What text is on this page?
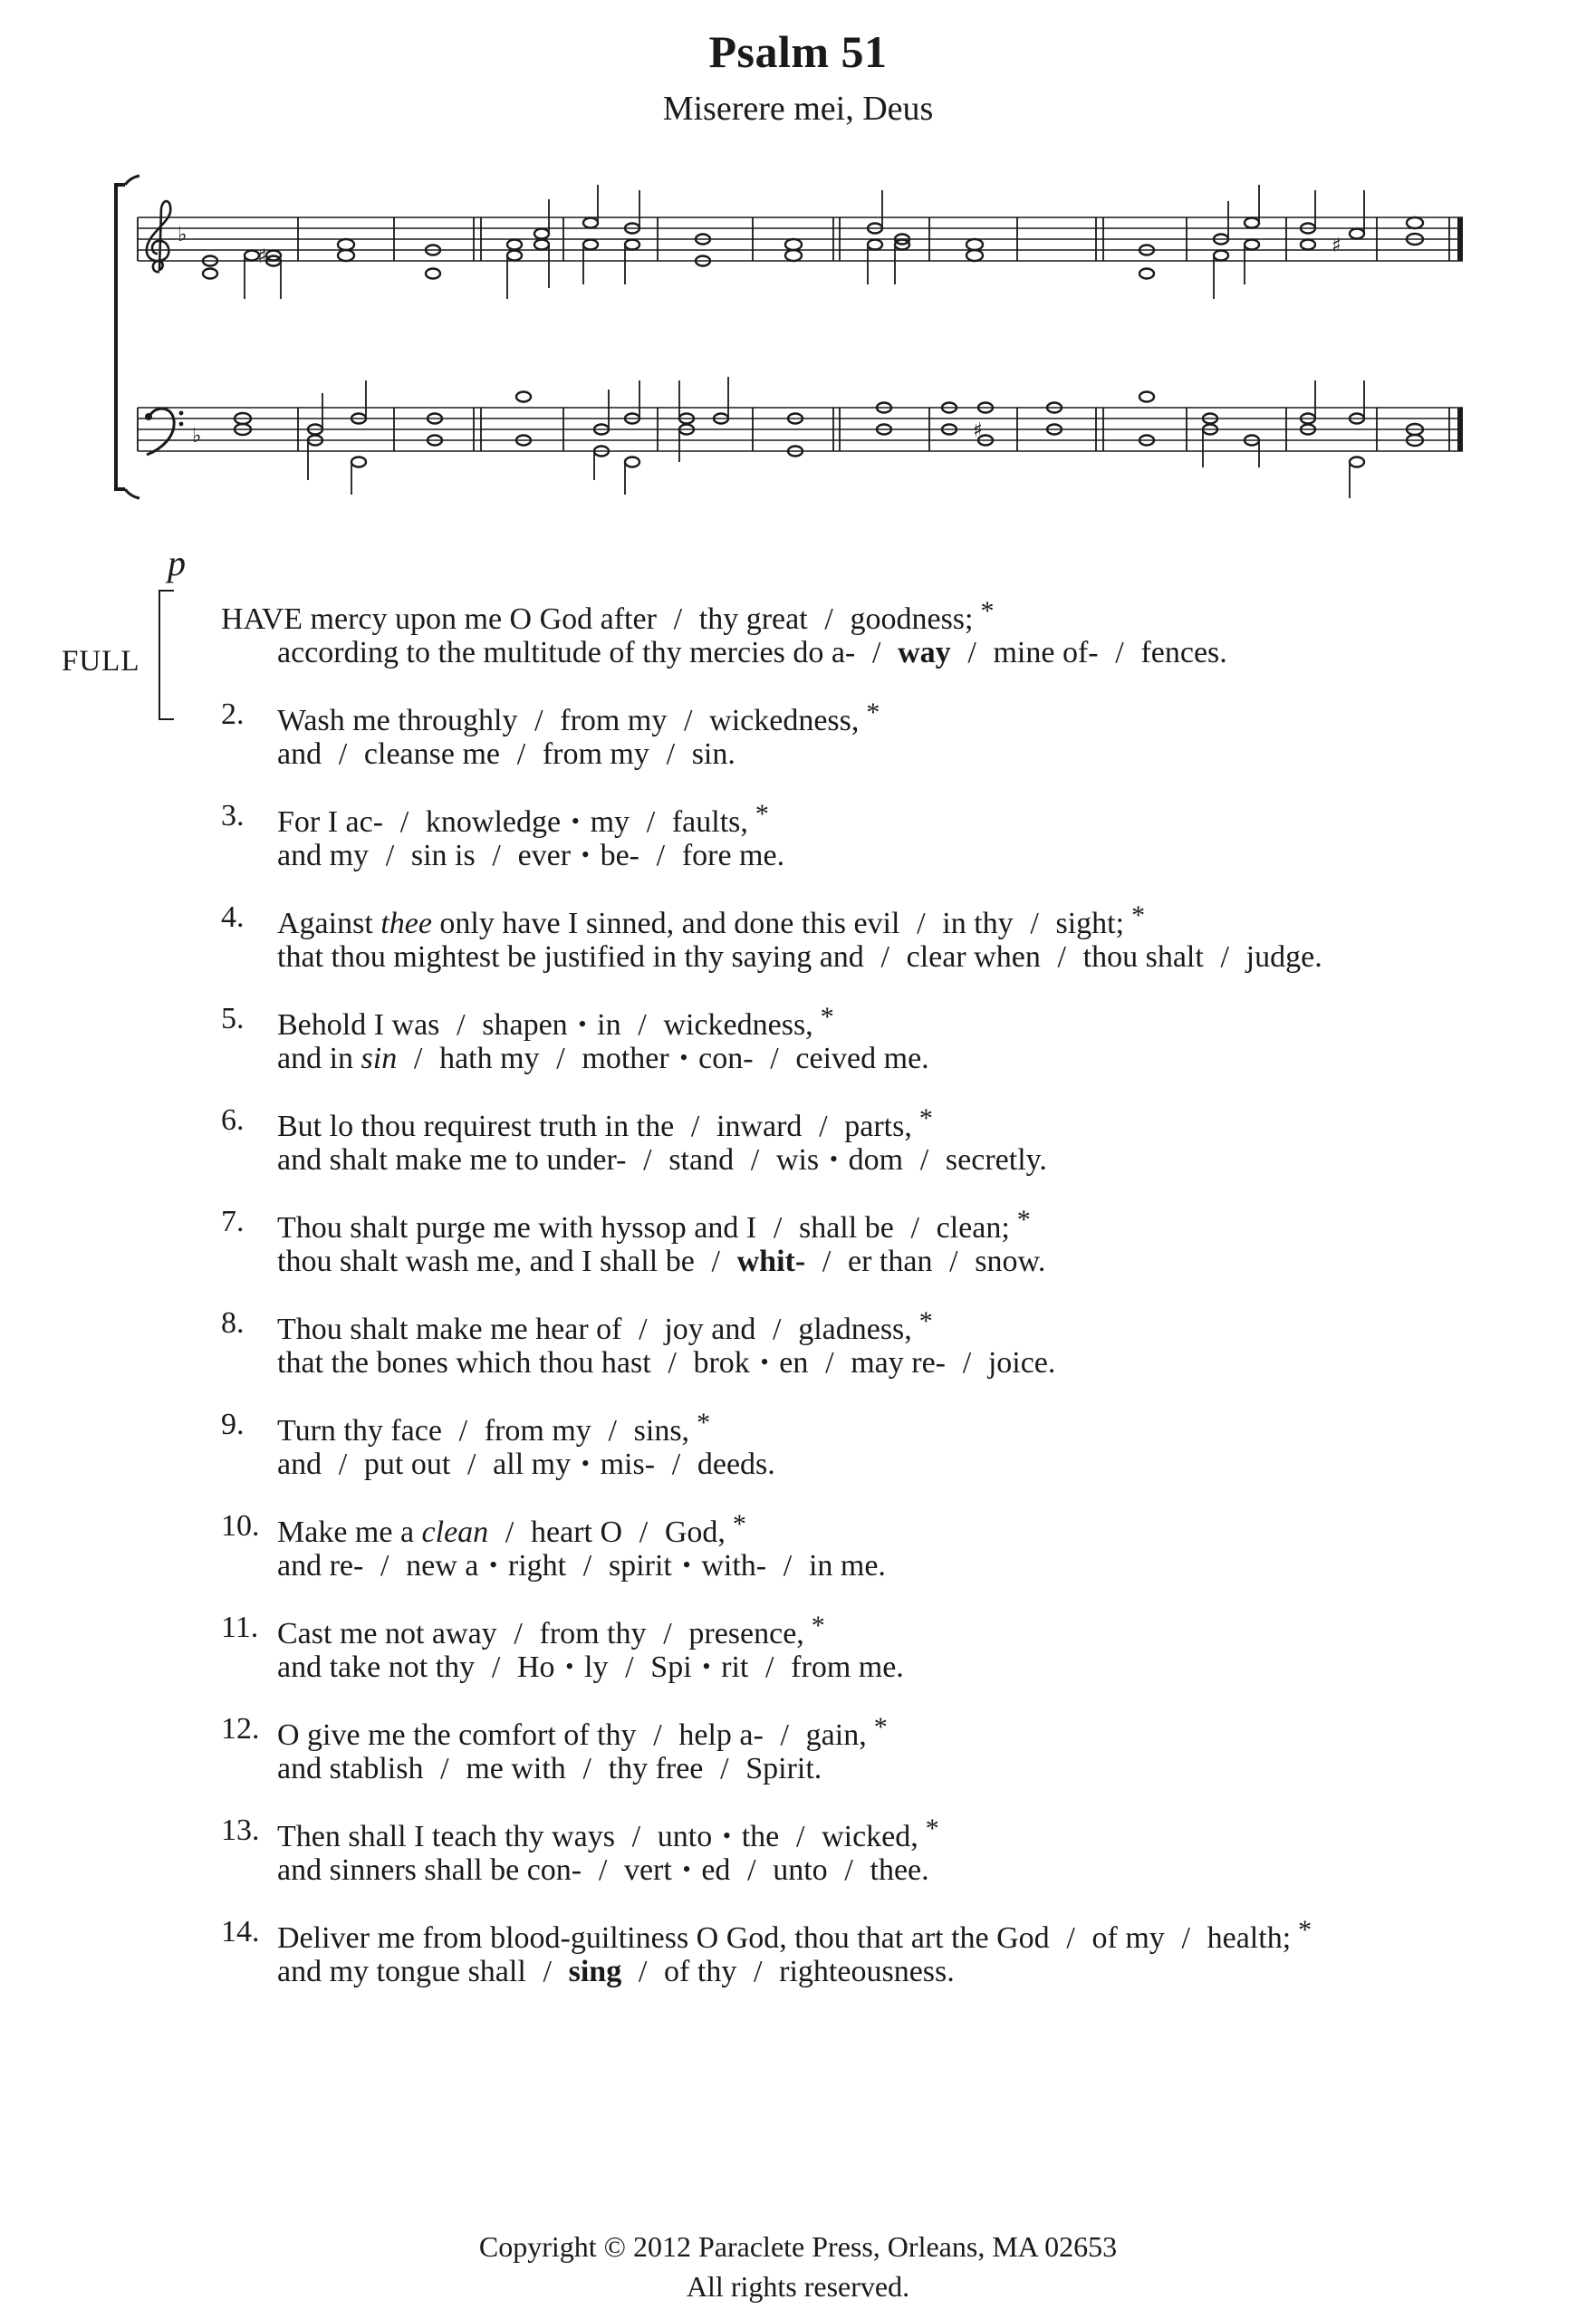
Psalm 51
Miserere mei, Deus
♭
♭
♯	♯
♯
p
FULL
HAVE mercy upon me O God after / thy great / goodness; *
according to the multitude of thy mercies do a- / way / mine of- / fences.
2. Wash me throughly / from my / wickedness, *
and / cleanse me / from my / sin.
3. For I ac- / knowledge • my / faults, *
and my / sin is / ever • be- / fore me.
4. Against thee only have I sinned, and done this evil / in thy / sight; *
that thou mightest be justified in thy saying and / clear when / thou shalt / judge.
5. Behold I was / shapen • in / wickedness, *
and in sin / hath my / mother • con- / ceived me.
6. But lo thou requirest truth in the / inward / parts, *
and shalt make me to under- / stand / wis • dom / secretly.
7. Thou shalt purge me with hyssop and I / shall be / clean; *
thou shalt wash me, and I shall be / whit- / er than / snow.
8. Thou shalt make me hear of / joy and / gladness, *
that the bones which thou hast / brok • en / may re- / joice.
9. Turn thy face / from my / sins, *
and / put out / all my • mis- / deeds.
10. Make me a clean / heart O / God, *
and re- / new a • right / spirit • with- / in me.
11. Cast me not away / from thy / presence, *
and take not thy / Ho • ly / Spi • rit / from me.
12. O give me the comfort of thy / help a- / gain, *
and stablish / me with / thy free / Spirit.
13. Then shall I teach thy ways / unto • the / wicked, *
and sinners shall be con- / vert • ed / unto / thee.
14. Deliver me from blood-guiltiness O God, thou that art the God / of my / health; *
and my tongue shall / sing / of thy / righteousness.
Copyright © 2012 Paraclete Press, Orleans, MA 02653
All rights reserved.
